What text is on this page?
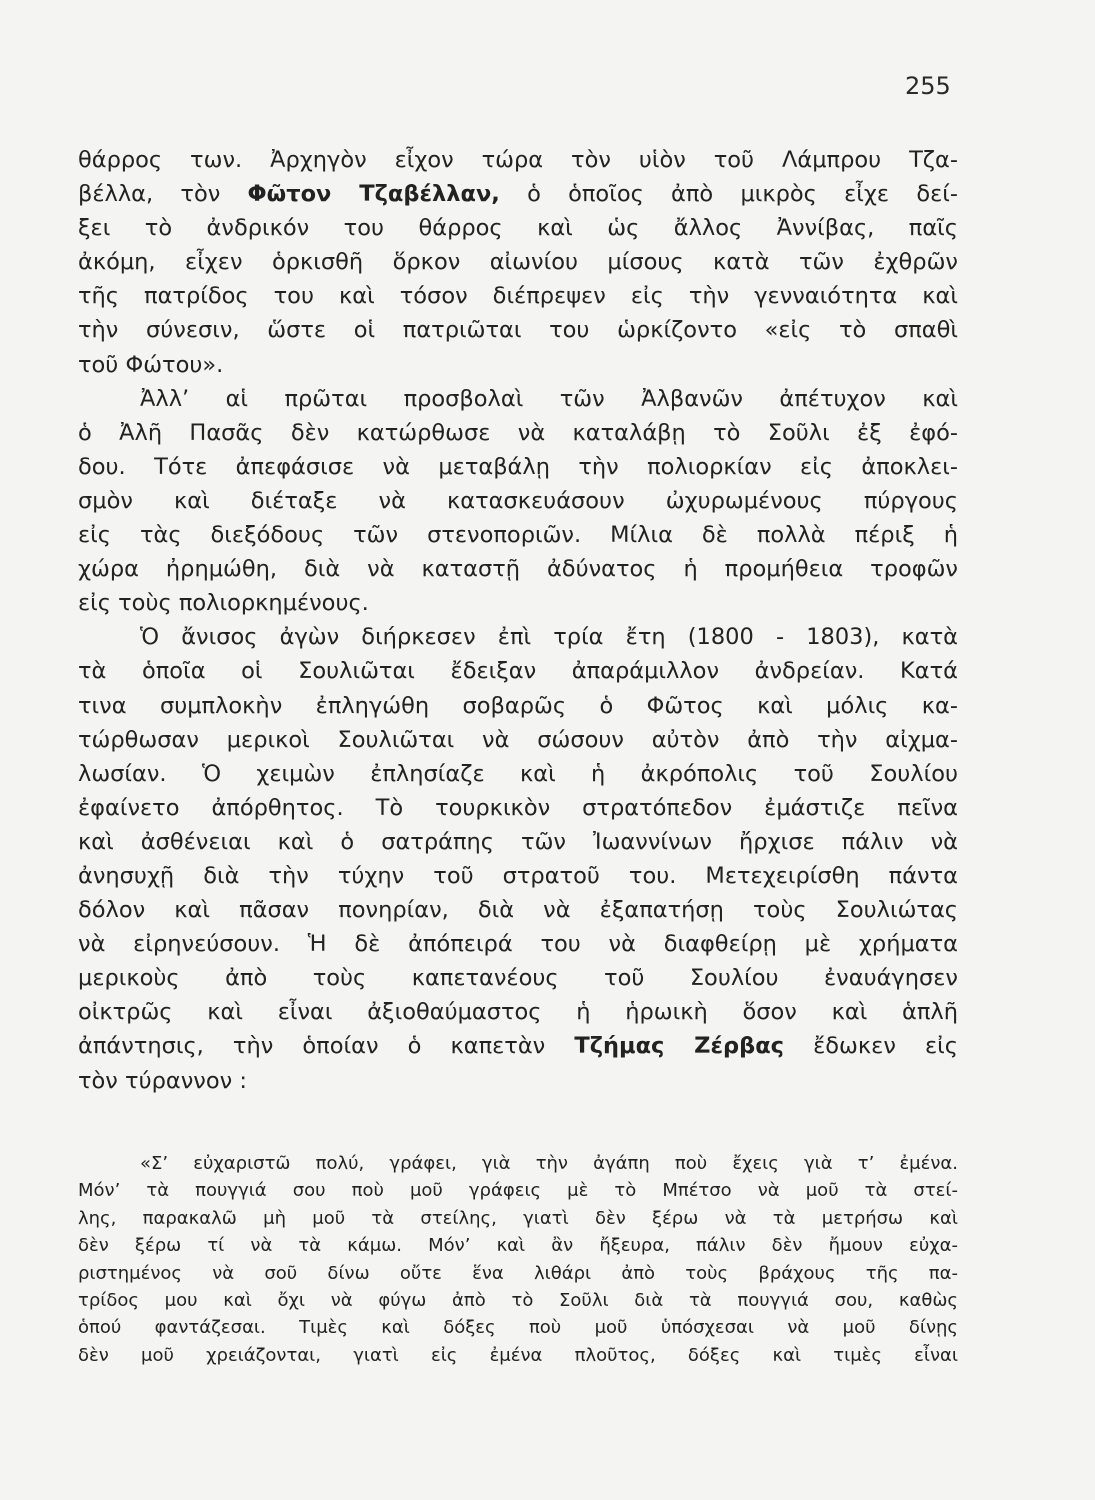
255
θάρρος των. Ἀρχηγὸν εἶχον τώρα τὸν υἱὸν τοῦ Λάμπρου Τζα-
βέλλα, τὸν Φῶτον Τζαβέλλαν, ὁ ὁποῖος ἀπὸ μικρὸς εἶχε δεί-
ξει τὸ ἀνδρικόν του θάρρος καὶ ὡς ἄλλος Ἀννίβας, παῖς
ἀκόμη, εἶχεν ὁρκισθῆ ὅρκον αἰωνίου μίσους κατὰ τῶν ἐχθρῶν
τῆς πατρίδος του καὶ τόσον διέπρεψεν εἰς τὴν γενναιότητα καὶ
τὴν σύνεσιν, ὥστε οἱ πατριῶται του ὡρκίζοντο «εἰς τὸ σπαθὶ
τοῦ Φώτου».
Ἀλλ’ αἱ πρῶται προσβολαὶ τῶν Ἀλβανῶν ἀπέτυχον καὶ
ὁ Ἀλῆ Πασᾶς δὲν κατώρθωσε νὰ καταλάβῃ τὸ Σοῦλι ἐξ ἐφό-
δου. Τότε ἀπεφάσισε νὰ μεταβάλῃ τὴν πολιορκίαν εἰς ἀποκλει-
σμὸν καὶ διέταξε νὰ κατασκευάσουν ὠχυρωμένους πύργους
εἰς τὰς διεξόδους τῶν στενοποριῶν. Μίλια δὲ πολλὰ πέριξ ἡ
χώρα ἠρημώθη, διὰ νὰ καταστῇ ἀδύνατος ἡ προμήθεια τροφῶν
εἰς τοὺς πολιορκημένους.
Ὁ ἄνισος ἀγὼν διήρκεσεν ἐπὶ τρία ἔτη (1800 - 1803), κατὰ
τὰ ὁποῖα οἱ Σουλιῶται ἔδειξαν ἀπαράμιλλον ἀνδρείαν. Κατά
τινα συμπλοκὴν ἐπληγώθη σοβαρῶς ὁ Φῶτος καὶ μόλις κα-
τώρθωσαν μερικοὶ Σουλιῶται νὰ σώσουν αὐτὸν ἀπὸ τὴν αἰχμα-
λωσίαν. Ὁ χειμὼν ἐπλησίαζε καὶ ἡ ἀκρόπολις τοῦ Σουλίου
ἐφαίνετο ἀπόρθητος. Τὸ τουρκικὸν στρατόπεδον ἐμάστιζε πεῖνα
καὶ ἀσθένειαι καὶ ὁ σατράπης τῶν Ἰωαννίνων ἤρχισε πάλιν νὰ
ἀνησυχῇ διὰ τὴν τύχην τοῦ στρατοῦ του. Μετεχειρίσθη πάντα
δόλον καὶ πᾶσαν πονηρίαν, διὰ νὰ ἐξαπατήσῃ τοὺς Σουλιώτας
νὰ εἰρηνεύσουν. Ἡ δὲ ἀπόπειρά του νὰ διαφθείρῃ μὲ χρήματα
μερικοὺς ἀπὸ τοὺς καπετανέους τοῦ Σουλίου ἐναυάγησεν
οἰκτρῶς καὶ εἶναι ἀξιοθαύμαστος ἡ ἡρωικὴ ὅσον καὶ ἁπλῆ
ἀπάντησις, τὴν ὁποίαν ὁ καπετὰν Τζήμας Ζέρβας ἔδωκεν εἰς
τὸν τύραννον :
«Σ’ εὐχαριστῶ πολύ, γράφει, γιὰ τὴν ἀγάπη ποὺ ἔχεις γιὰ τ’ ἐμένα.
Μόν’ τὰ πουγγιά σου ποὺ μοῦ γράφεις μὲ τὸ Μπέτσο νὰ μοῦ τὰ στεί-
λης, παρακαλῶ μὴ μοῦ τὰ στείλης, γιατὶ δὲν ξέρω νὰ τὰ μετρήσω καὶ
δὲν ξέρω τί νὰ τὰ κάμω. Μόν’ καὶ ἂν ἤξευρα, πάλιν δὲν ἤμουν εὐχα-
ριστημένος νὰ σοῦ δίνω οὔτε ἕνα λιθάρι ἀπὸ τοὺς βράχους τῆς πα-
τρίδος μου καὶ ὄχι νὰ φύγω ἀπὸ τὸ Σοῦλι διὰ τὰ πουγγιά σου, καθὼς
ὁπού φαντάζεσαι. Τιμὲς καὶ δόξες ποὺ μοῦ ὑπόσχεσαι νὰ μοῦ δίνῃς
δὲν μοῦ χρειάζονται, γιατὶ εἰς ἐμένα πλοῦτος, δόξες καὶ τιμὲς εἶναι
